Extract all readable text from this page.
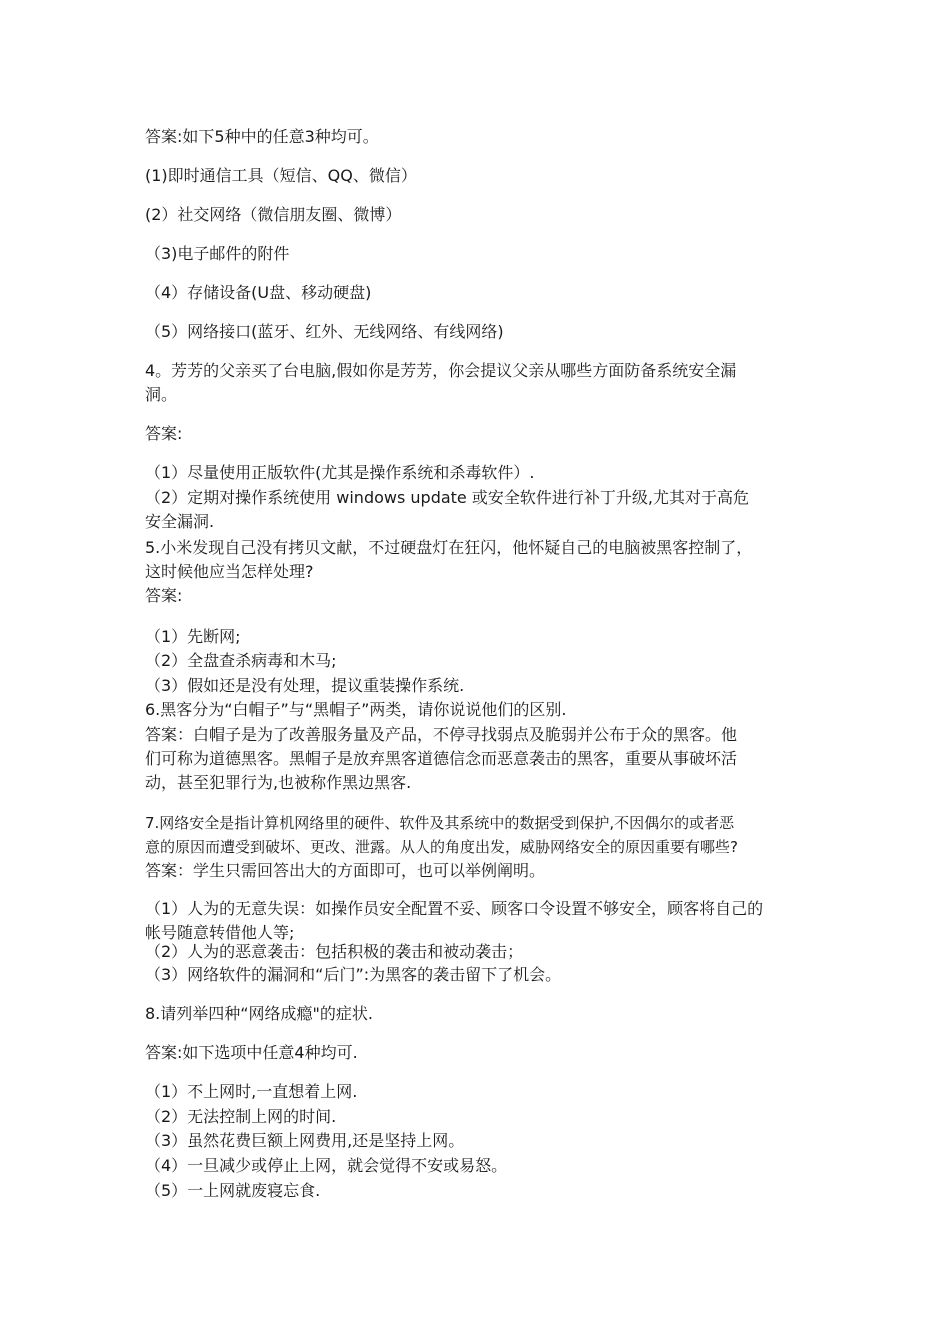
答案:如下5种中的任意3种均可。

(1)即时通信工具（短信、QQ、微信）

(2）社交网络（微信朋友圈、微博）

（3)电子邮件的附件

（4）存储设备(U盘、移动硬盘)

（5）网络接口(蓝牙、红外、无线网络、有线网络)

4。芳芳的父亲买了台电脑,假如你是芳芳，你会提议父亲从哪些方面防备系统安全漏

洞。

答案:

（1）尽量使用正版软件(尤其是操作系统和杀毒软件）.

（2）定期对操作系统使用 windows update 或安全软件进行补丁升级,尤其对于高危

安全漏洞.

5.小米发现自己没有拷贝文献，不过硬盘灯在狂闪，他怀疑自己的电脑被黑客控制了，

这时候他应当怎样处理?

答案:

（1）先断网;

（2）全盘查杀病毒和木马;

（3）假如还是没有处理，提议重装操作系统.

6.黑客分为“白帽子”与“黑帽子”两类，请你说说他们的区别.

答案：白帽子是为了改善服务量及产品，不停寻找弱点及脆弱并公布于众的黑客。他

们可称为道德黑客。黑帽子是放弃黑客道德信念而恶意袭击的黑客，重要从事破坏活

动，甚至犯罪行为,也被称作黑边黑客.

7.网络安全是指计算机网络里的硬件、软件及其系统中的数据受到保护,不因偶尔的或者恶

意的原因而遭受到破坏、更改、泄露。从人的角度出发，威胁网络安全的原因重要有哪些?

答案：学生只需回答出大的方面即可，也可以举例阐明。

（1）人为的无意失误：如操作员安全配置不妥、顾客口令设置不够安全，顾客将自己的

帐号随意转借他人等;

（2）人为的恶意袭击：包括积极的袭击和被动袭击；

（3）网络软件的漏洞和“后门”:为黑客的袭击留下了机会。

8.请列举四种“网络成瘾"的症状.

答案:如下选项中任意4种均可.

（1）不上网时,一直想着上网.

（2）无法控制上网的时间.

（3）虽然花费巨额上网费用,还是坚持上网。

（4）一旦减少或停止上网，就会觉得不安或易怒。

（5）一上网就废寝忘食.
